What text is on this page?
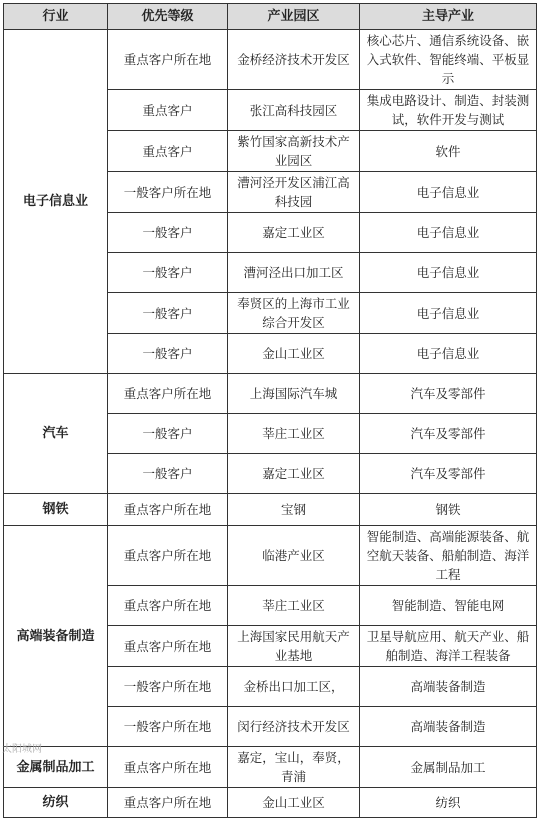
行业	优先等级	产业园区	主导产业
电子信息业	重点客户所在地	金桥经济技术开发区	核心芯片、通信系统设备、嵌入式软件、智能终端、平板显示
	重点客户	张江高科技园区	集成电路设计、制造、封装测试，软件开发与测试
	重点客户	紫竹国家高新技术产业园区	软件
	一般客户所在地	漕河泾开发区浦江高科技园	电子信息业
	一般客户	嘉定工业区	电子信息业
	一般客户	漕河泾出口加工区	电子信息业
	一般客户	奉贤区的上海市工业综合开发区	电子信息业
	一般客户	金山工业区	电子信息业
汽车	重点客户所在地	上海国际汽车城	汽车及零部件
	一般客户	莘庄工业区	汽车及零部件
	一般客户	嘉定工业区	汽车及零部件
钢铁	重点客户所在地	宝钢	钢铁
高端装备制造	重点客户所在地	临港产业区	智能制造、高端能源装备、航空航天装备、船舶制造、海洋工程
	重点客户所在地	莘庄工业区	智能制造、智能电网
	重点客户所在地	上海国家民用航天产业基地	卫星导航应用、航天产业、船舶制造、海洋工程装备
	一般客户所在地	金桥出口加工区，	高端装备制造
	一般客户所在地	闵行经济技术开发区	高端装备制造
金属制品加工	重点客户所在地	嘉定，宝山，奉贤，青浦	金属制品加工
纺织	重点客户所在地	金山工业区	纺织
太阳城网
